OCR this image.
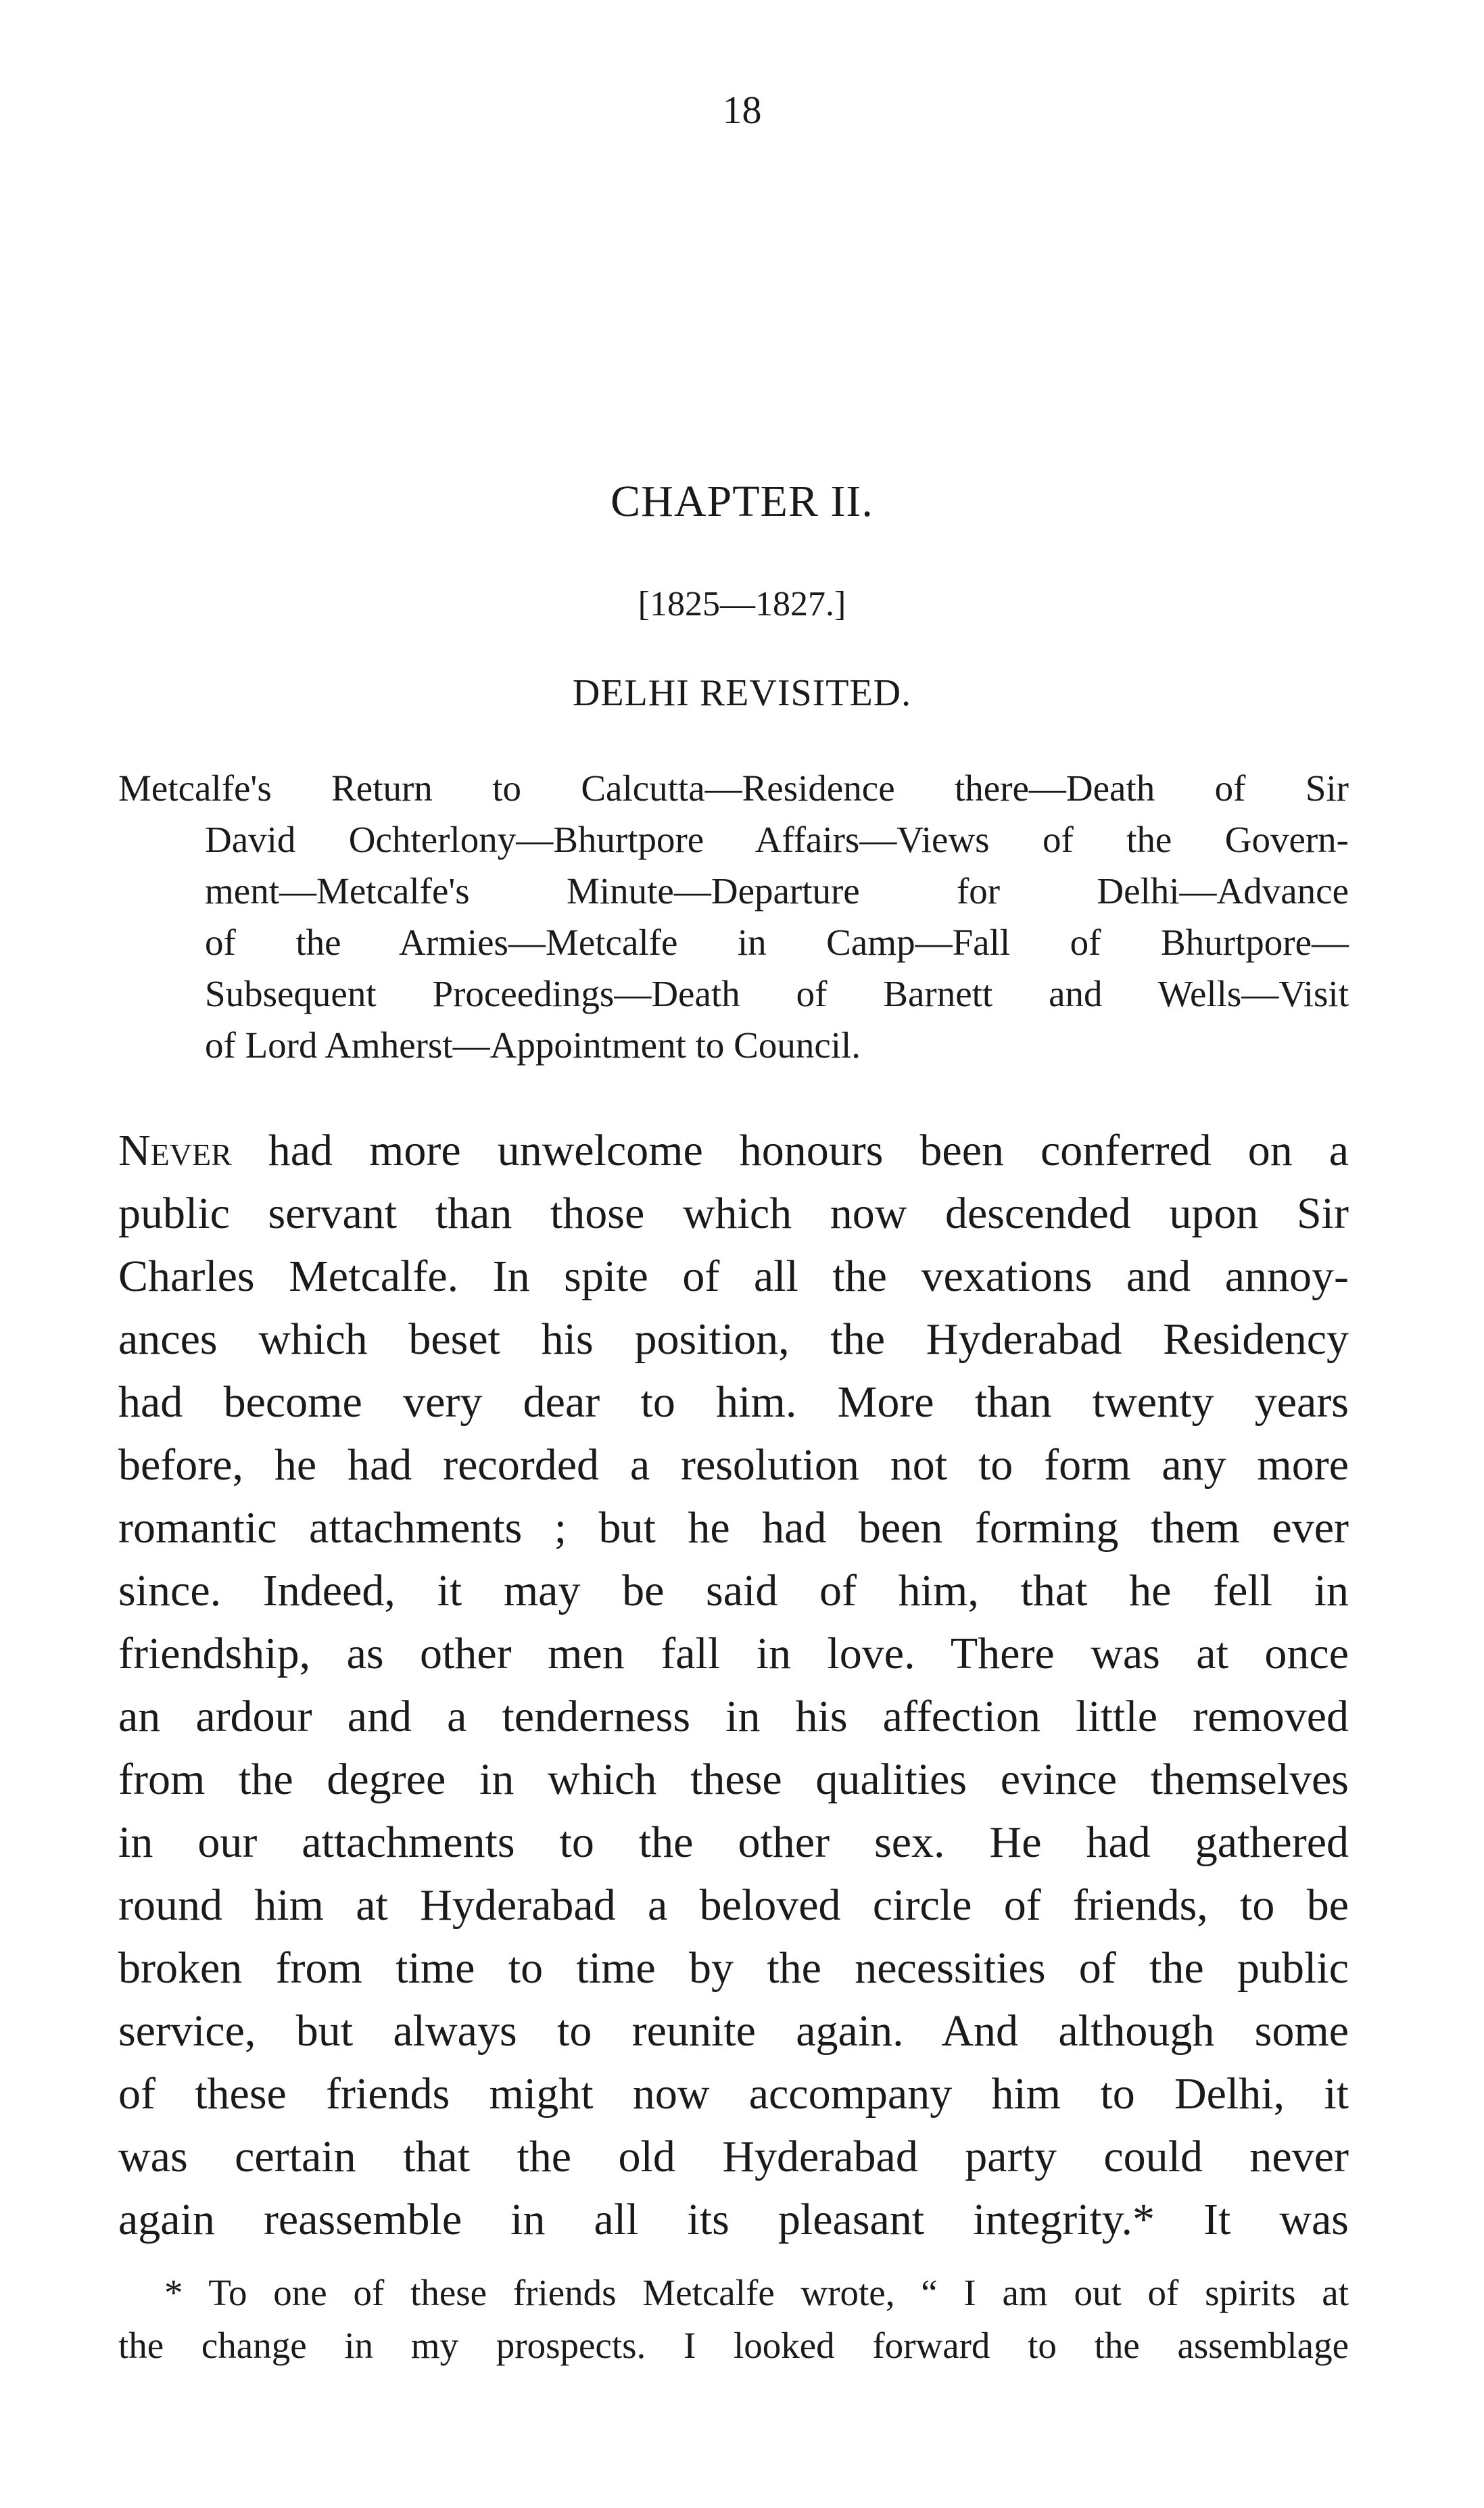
18
CHAPTER II.
[1825—1827.]
DELHI REVISITED.
Metcalfe's Return to Calcutta—Residence there—Death of Sir
David Ochterlony—Bhurtpore Affairs—Views of the Govern-
ment—Metcalfe's Minute—Departure for Delhi—Advance
of the Armies—Metcalfe in Camp—Fall of Bhurtpore—
Subsequent Proceedings—Death of Barnett and Wells—Visit
of Lord Amherst—Appointment to Council.
Never had more unwelcome honours been conferred on a
public servant than those which now descended upon Sir
Charles Metcalfe. In spite of all the vexations and annoy-
ances which beset his position, the Hyderabad Residency
had become very dear to him. More than twenty years
before, he had recorded a resolution not to form any more
romantic attachments ; but he had been forming them ever
since. Indeed, it may be said of him, that he fell in
friendship, as other men fall in love. There was at once
an ardour and a tenderness in his affection little removed
from the degree in which these qualities evince themselves
in our attachments to the other sex. He had gathered
round him at Hyderabad a beloved circle of friends, to be
broken from time to time by the necessities of the public
service, but always to reunite again. And although some
of these friends might now accompany him to Delhi, it
was certain that the old Hyderabad party could never
again reassemble in all its pleasant integrity.* It was
* To one of these friends Metcalfe wrote, “ I am out of spirits at
the change in my prospects. I looked forward to the assemblage
